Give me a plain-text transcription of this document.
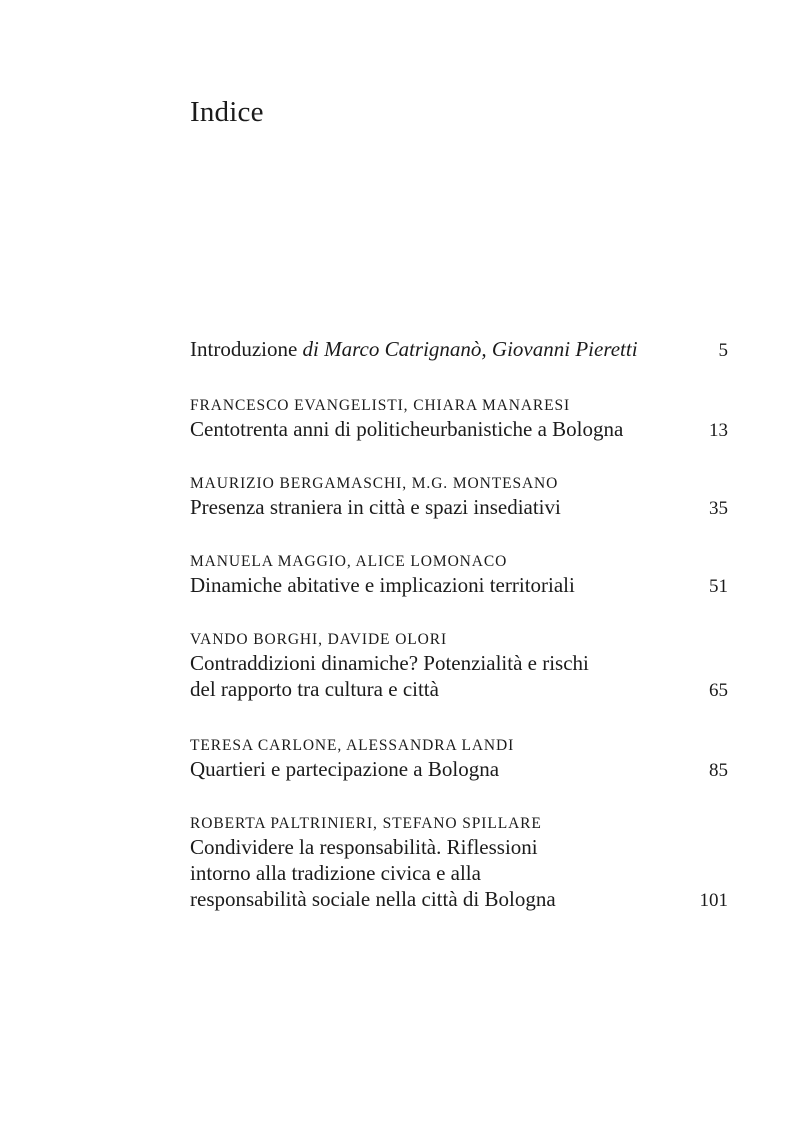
Indice
Introduzione di Marco Catrignanò, Giovanni Pieretti	5
FRANCESCO EVANGELISTI, CHIARA MANARESI
Centotrenta anni di politicheurbanistiche a Bologna	13
MAURIZIO BERGAMASCHI, M.G. MONTESANO
Presenza straniera in città e spazi insediativi	35
MANUELA MAGGIO, ALICE LOMONACO
Dinamiche abitative e implicazioni territoriali	51
VANDO BORGHI, DAVIDE OLORI
Contraddizioni dinamiche? Potenzialità e rischi
del rapporto tra cultura e città	65
TERESA CARLONE, ALESSANDRA LANDI
Quartieri e partecipazione a Bologna	85
ROBERTA PALTRINIERI, STEFANO SPILLARE
Condividere la responsabilità. Riflessioni
intorno alla tradizione civica e alla
responsabilità sociale nella città di Bologna	101
